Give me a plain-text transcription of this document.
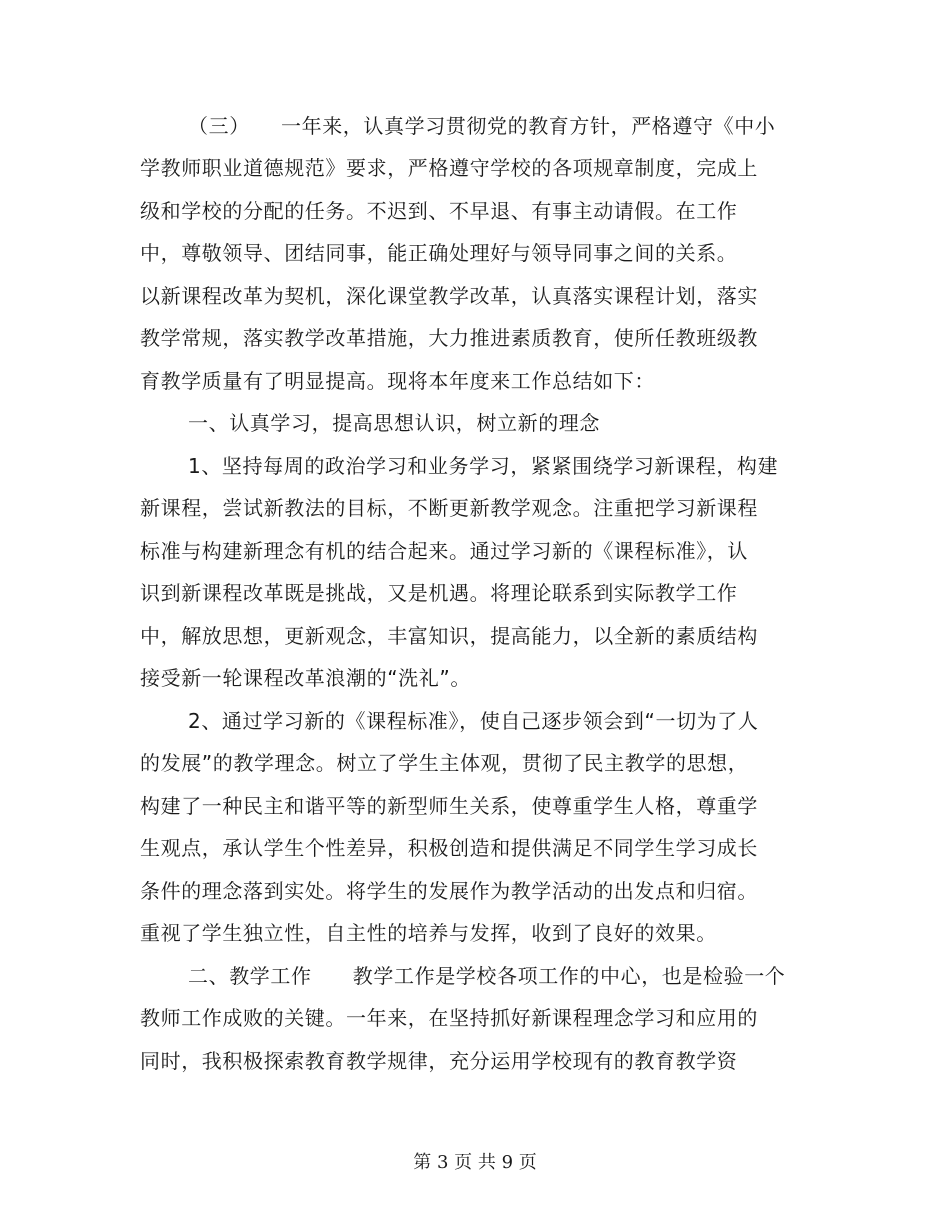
（三）　　一年来，认真学习贯彻党的教育方针，严格遵守《中小
学教师职业道德规范》要求，严格遵守学校的各项规章制度，完成上
级和学校的分配的任务。不迟到、不早退、有事主动请假。在工作
中，尊敬领导、团结同事，能正确处理好与领导同事之间的关系。
以新课程改革为契机，深化课堂教学改革，认真落实课程计划，落实
教学常规，落实教学改革措施，大力推进素质教育，使所任教班级教
育教学质量有了明显提高。现将本年度来工作总结如下：
一、认真学习，提高思想认识，树立新的理念
1、坚持每周的政治学习和业务学习，紧紧围绕学习新课程，构建
新课程，尝试新教法的目标，不断更新教学观念。注重把学习新课程
标准与构建新理念有机的结合起来。通过学习新的《课程标准》，认
识到新课程改革既是挑战，又是机遇。将理论联系到实际教学工作
中，解放思想，更新观念，丰富知识，提高能力，以全新的素质结构
接受新一轮课程改革浪潮的“洗礼”。
2、通过学习新的《课程标准》，使自己逐步领会到“一切为了人
的发展”的教学理念。树立了学生主体观，贯彻了民主教学的思想，
构建了一种民主和谐平等的新型师生关系，使尊重学生人格，尊重学
生观点，承认学生个性差异，积极创造和提供满足不同学生学习成长
条件的理念落到实处。将学生的发展作为教学活动的出发点和归宿。
重视了学生独立性，自主性的培养与发挥，收到了良好的效果。
二、教学工作　　教学工作是学校各项工作的中心，也是检验一个
教师工作成败的关键。一年来，在坚持抓好新课程理念学习和应用的
同时，我积极探索教育教学规律，充分运用学校现有的教育教学资
第 3 页 共 9 页
